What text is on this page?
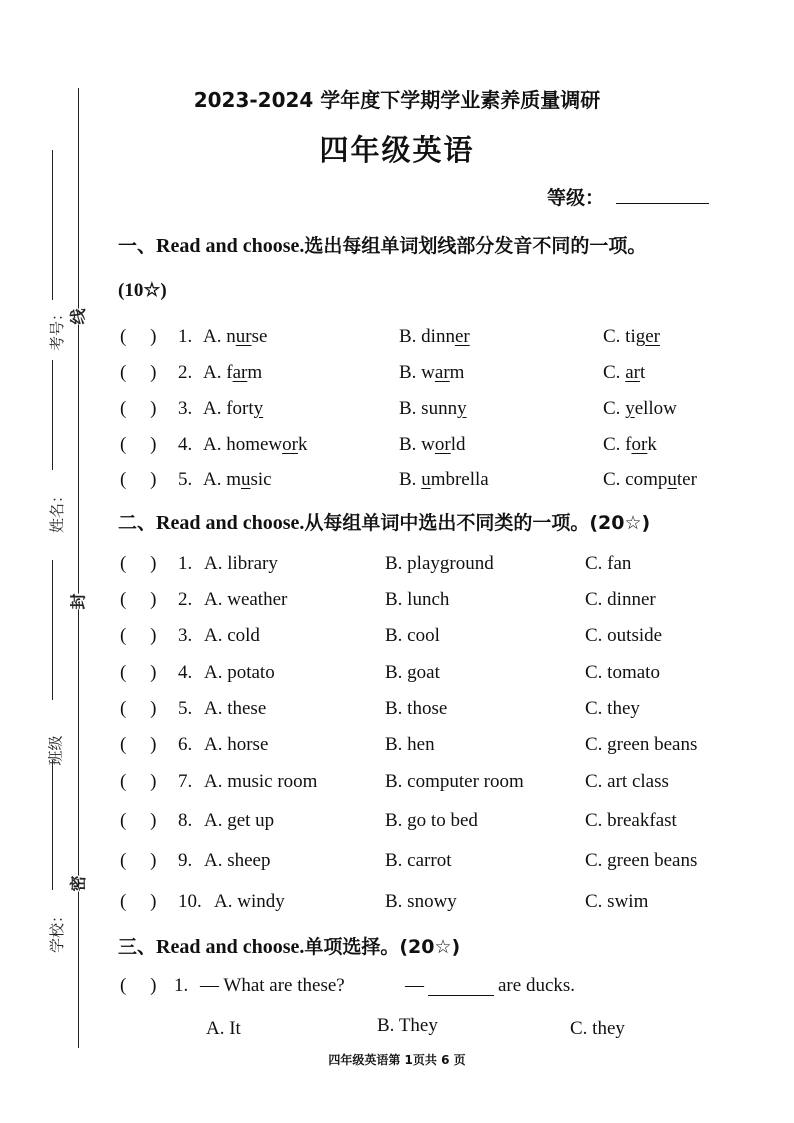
考号：
姓名：
班级
学校：
线
封
密
2023-2024 学年度下学期学业素养质量调研
四年级英语
等级：
一、Read and choose.选出每组单词划线部分发音不同的一项。
(10☆)
二、Read and choose.从每组单词中选出不同类的一项。(20☆)
三、Read and choose.单项选择。(20☆)
(     ) 1. — What are these?	—	are ducks.
A. It	B. They	C. they
四年级英语第 1页共 6 页
(     ) 1. A. nurse	B. dinner	C. tiger
(     ) 2. A. farm	B. warm	C. art
(     ) 3. A. forty	B. sunny	C. yellow
(     ) 4. A. homework	B. world	C. fork
(     ) 5. A. music	B. umbrella	C. computer
(     ) 1. A. library	B. playground	C. fan
(     ) 2. A. weather	B. lunch	C. dinner
(     ) 3. A. cold	B. cool	C. outside
(     ) 4. A. potato	B. goat	C. tomato
(     ) 5. A. these	B. those	C. they
(     ) 6. A. horse	B. hen	C. green beans
(     ) 7. A. music room	B. computer room	C. art class
(     ) 8. A. get up	B. go to bed	C. breakfast
(     ) 9. A. sheep	B. carrot	C. green beans
(     ) 10. A. windy	B. snowy	C. swim
